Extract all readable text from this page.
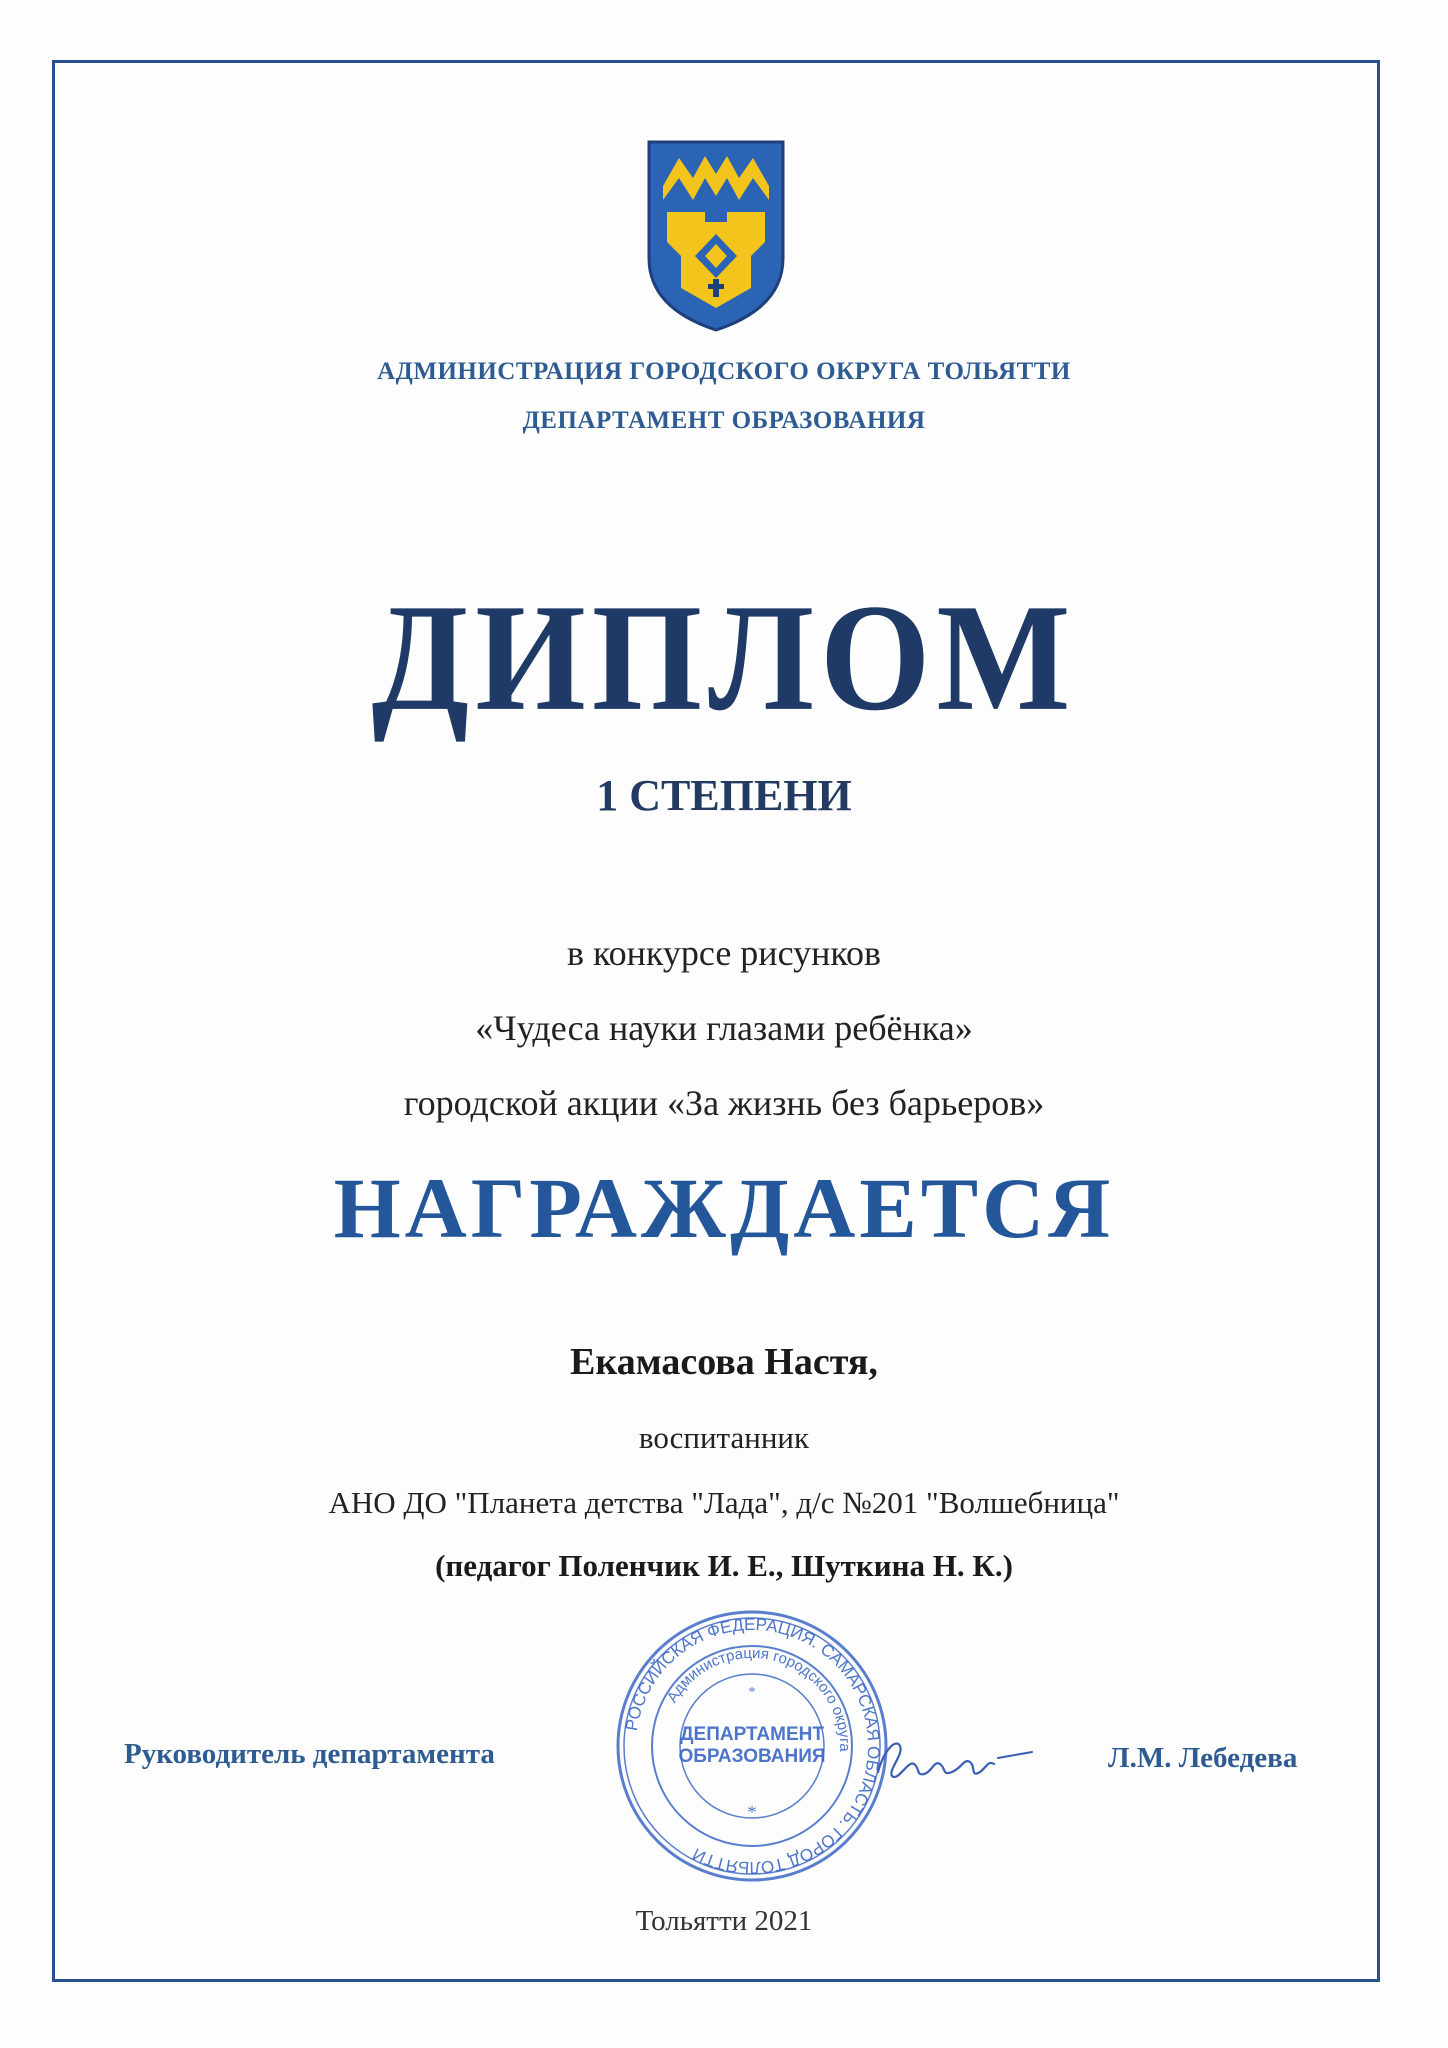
АДМИНИСТРАЦИЯ ГОРОДСКОГО ОКРУГА ТОЛЬЯТТИ
ДЕПАРТАМЕНТ ОБРАЗОВАНИЯ
ДИПЛОМ
1 СТЕПЕНИ
в конкурсе рисунков
«Чудеса науки глазами ребёнка»
городской акции «За жизнь без барьеров»
НАГРАЖДАЕТСЯ
Екамасова Настя,
воспитанник
АНО ДО "Планета детства "Лада", д/с №201 "Волшебница"
(педагог Поленчик И. Е., Шуткина Н. К.)
РОССИЙСКАЯ ФЕДЕРАЦИЯ. САМАРСКАЯ ОБЛАСТЬ. ГОРОД ТОЛЬЯТТИ
Администрация городского округа
ДЕПАРТАМЕНТ
ОБРАЗОВАНИЯ
*
*
Руководитель департамента	Л.М. Лебедева
Тольятти 2021
